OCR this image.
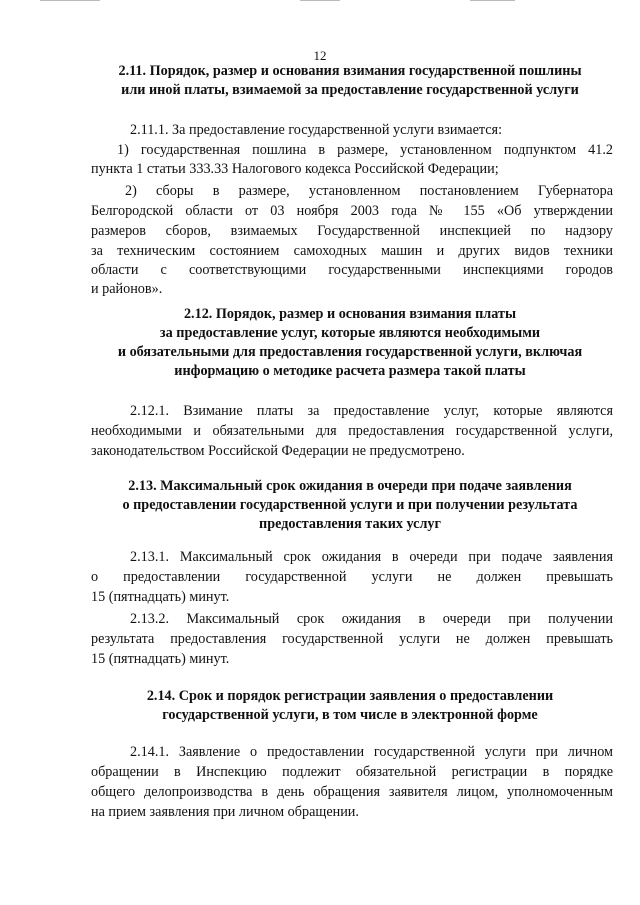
12
2.11. Порядок, размер и основания взимания государственной пошлины
или иной платы, взимаемой за предоставление государственной услуги
2.11.1. За предоставление государственной услуги взимается:
1) государственная пошлина в размере, установленном подпунктом 41.2
пункта 1 статьи 333.33 Налогового кодекса Российской Федерации;
2) сборы в размере, установленном постановлением Губернатора
Белгородской области от 03 ноября 2003 года № 155 «Об утверждении
размеров сборов, взимаемых Государственной инспекцией по надзору
за техническим состоянием самоходных машин и других видов техники
области с соответствующими государственными инспекциями городов
и районов».
2.12. Порядок, размер и основания взимания платы
за предоставление услуг, которые являются необходимыми
и обязательными для предоставления государственной услуги, включая
информацию о методике расчета размера такой платы
2.12.1. Взимание платы за предоставление услуг, которые являются
необходимыми и обязательными для предоставления государственной услуги,
законодательством Российской Федерации не предусмотрено.
2.13. Максимальный срок ожидания в очереди при подаче заявления
о предоставлении государственной услуги и при получении результата
предоставления таких услуг
2.13.1. Максимальный срок ожидания в очереди при подаче заявления
о предоставлении государственной услуги не должен превышать
15 (пятнадцать) минут.
2.13.2. Максимальный срок ожидания в очереди при получении
результата предоставления государственной услуги не должен превышать
15 (пятнадцать) минут.
2.14. Срок и порядок регистрации заявления о предоставлении
государственной услуги, в том числе в электронной форме
2.14.1. Заявление о предоставлении государственной услуги при личном
обращении в Инспекцию подлежит обязательной регистрации в порядке
общего делопроизводства в день обращения заявителя лицом, уполномоченным
на прием заявления при личном обращении.
